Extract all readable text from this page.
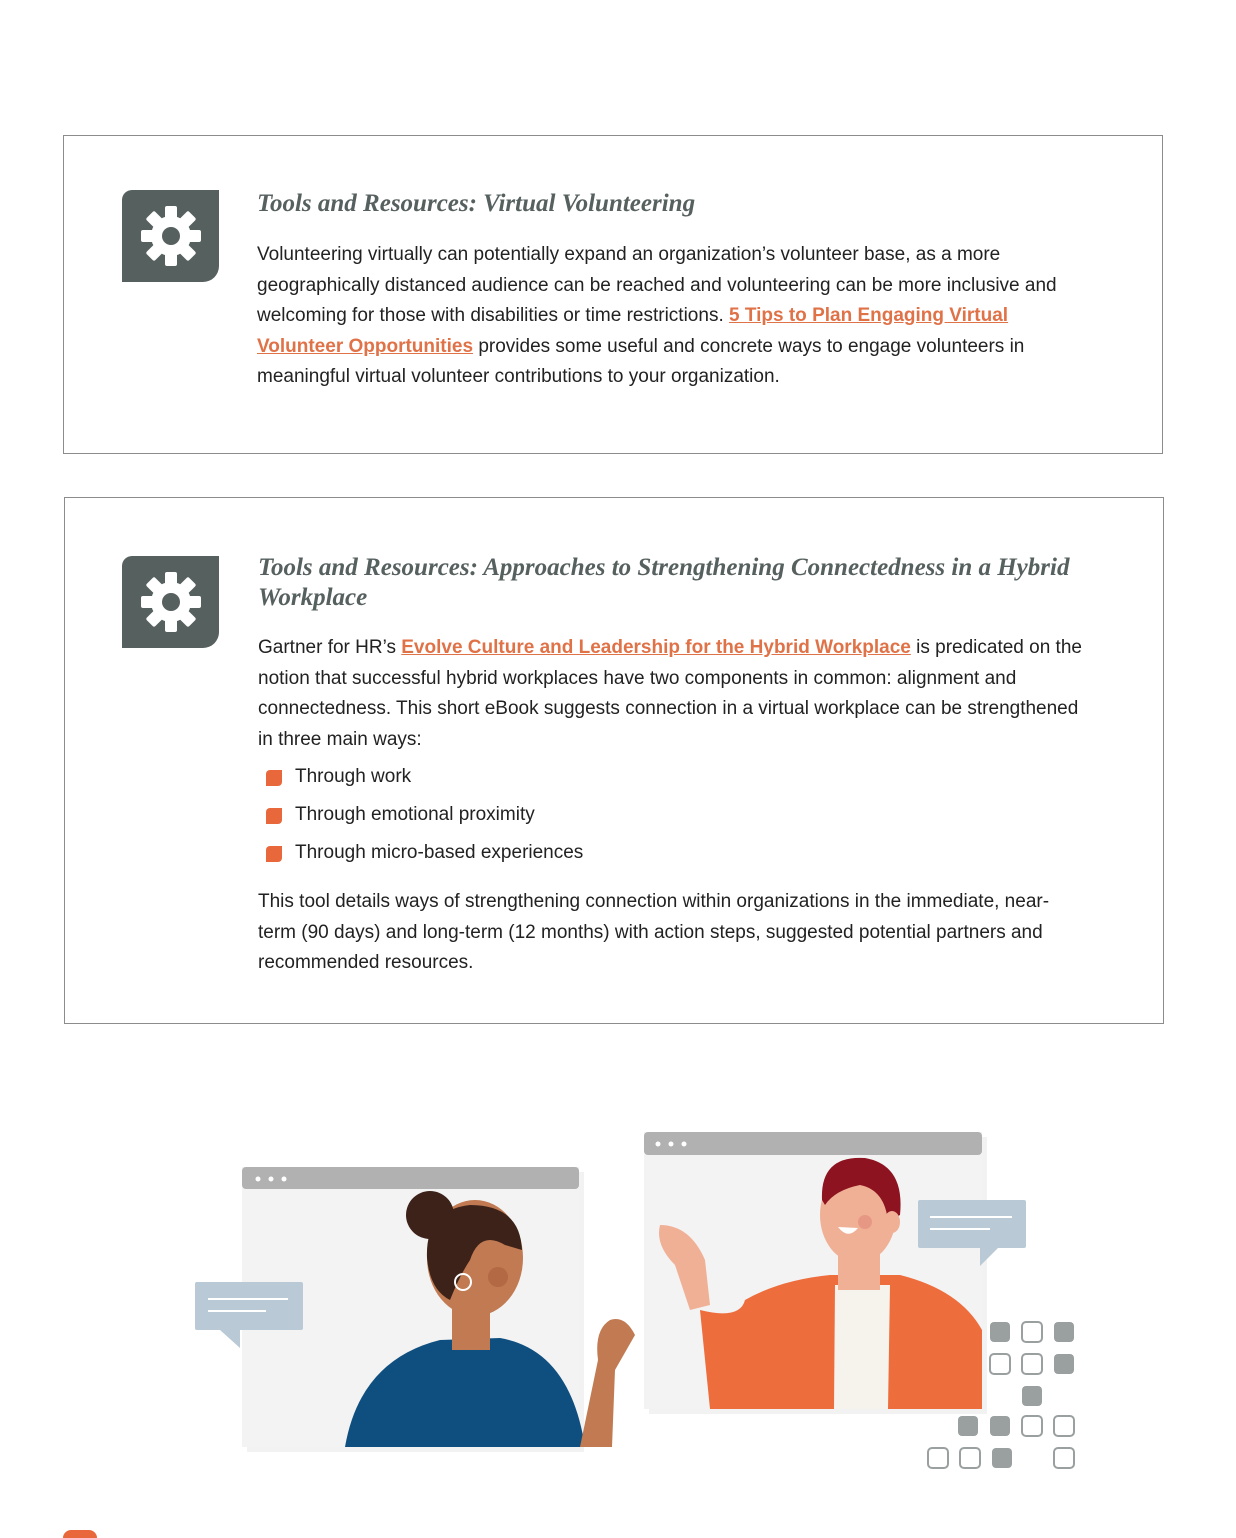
Tools and Resources: Virtual Volunteering

Volunteering virtually can potentially expand an organization’s volunteer base, as a more geographically distanced audience can be reached and volunteering can be more inclusive and welcoming for those with disabilities or time restrictions. 5 Tips to Plan Engaging Virtual Volunteer Opportunities provides some useful and concrete ways to engage volunteers in meaningful virtual volunteer contributions to your organization.

Tools and Resources: Approaches to Strengthening Connectedness in a Hybrid Workplace

Gartner for HR’s Evolve Culture and Leadership for the Hybrid Workplace is predicated on the notion that successful hybrid workplaces have two components in common: alignment and connectedness. This short eBook suggests connection in a virtual workplace can be strengthened in three main ways:

Through work
Through emotional proximity
Through micro-based experiences

This tool details ways of strengthening connection within organizations in the immediate, near-term (90 days) and long-term (12 months) with action steps, suggested potential partners and recommended resources.
